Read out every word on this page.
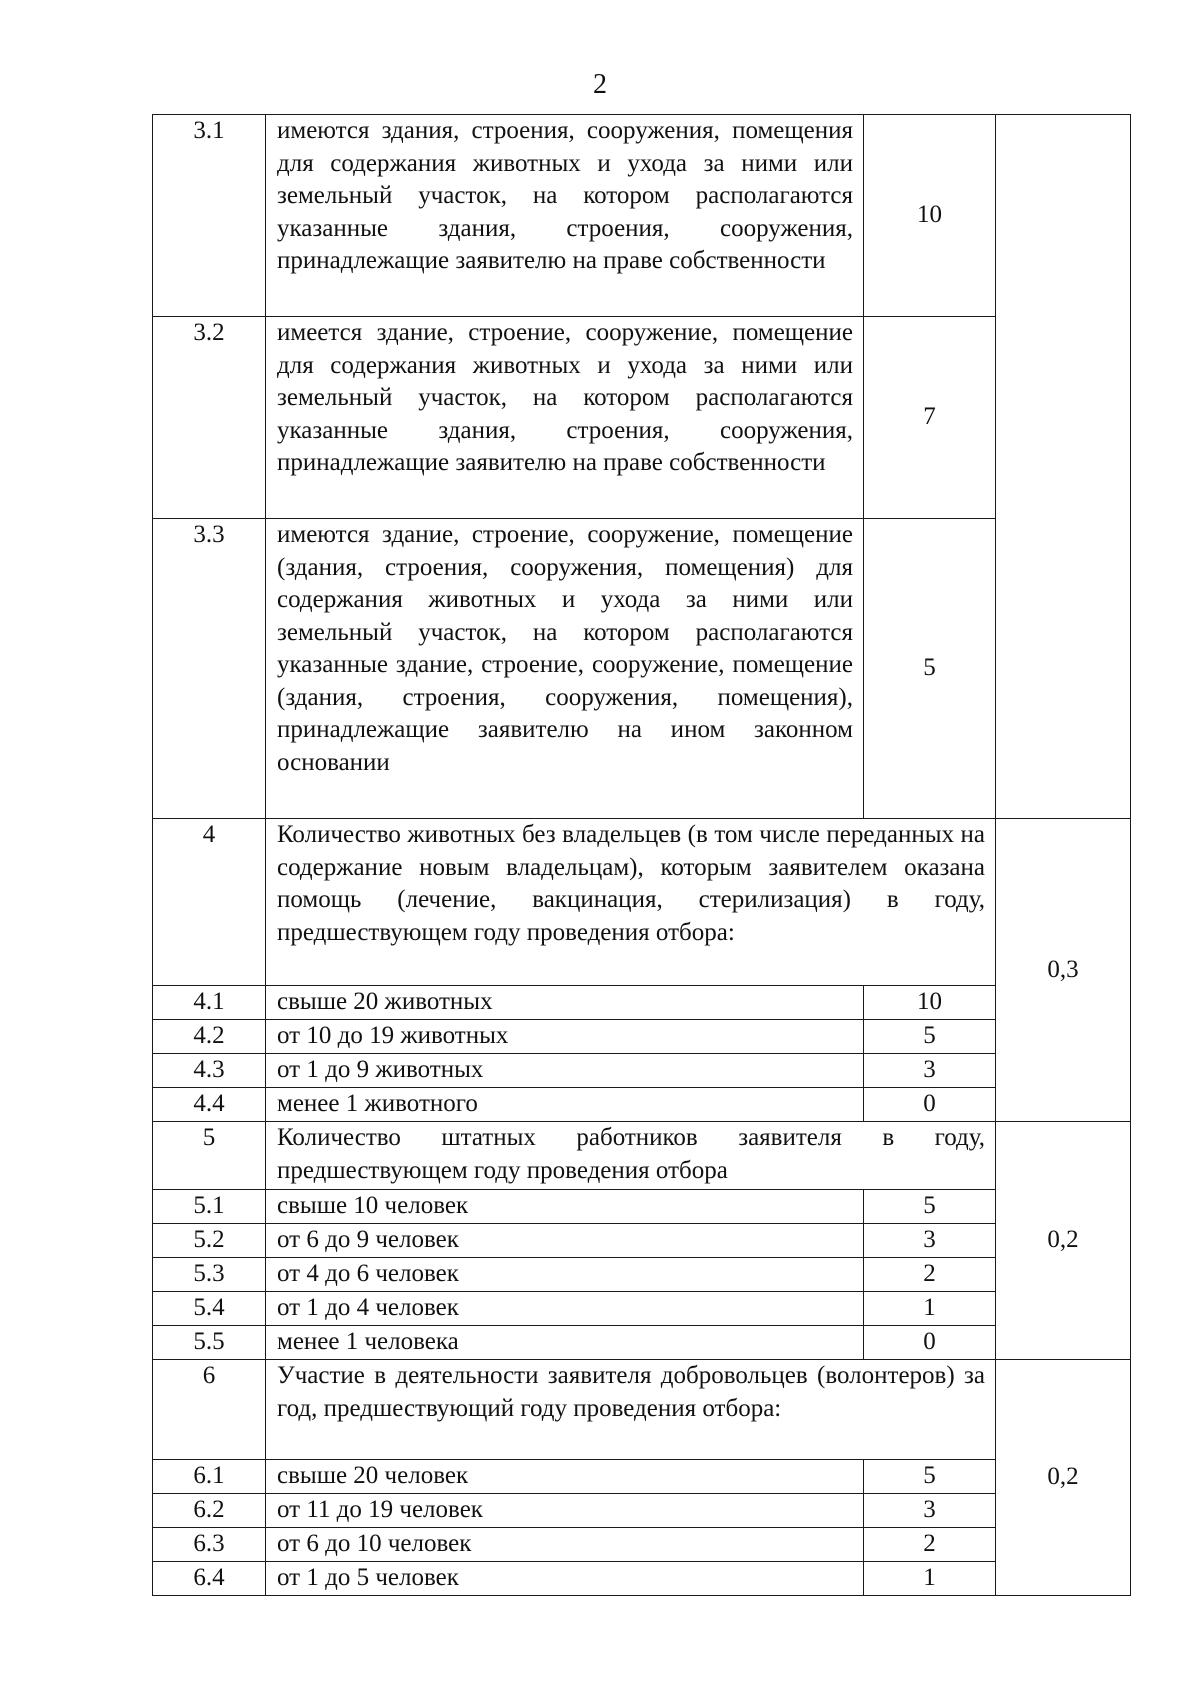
2
3.1	имеются здания, строения, сооружения, помещения для содержания животных и ухода за ними или земельный участок, на котором располагаются указанные здания, строения, сооружения, принадлежащие заявителю на праве собственности	10	
3.2	имеется здание, строение, сооружение, помещение для содержания животных и ухода за ними или земельный участок, на котором располагаются указанные здания, строения, сооружения, принадлежащие заявителю на праве собственности	7	
3.3	имеются здание, строение, сооружение, помещение (здания, строения, сооружения, помещения) для содержания животных и ухода за ними или земельный участок, на котором располагаются указанные здание, строение, сооружение, помещение (здания, строения, сооружения, помещения), принадлежащие заявителю на ином законном основании	5	
4	Количество животных без владельцев (в том числе переданных на содержание новым владельцам), которым заявителем оказана помощь (лечение, вакцинация, стерилизация) в году, предшествующем году проведения отбора:		0,3
4.1	свыше 20 животных	10	
4.2	от 10 до 19 животных	5	
4.3	от 1 до 9 животных	3	
4.4	менее 1 животного	0	
5	Количество штатных работников заявителя в году, предшествующем году проведения отбора		0,2
5.1	свыше 10 человек	5	
5.2	от 6 до 9 человек	3	
5.3	от 4 до 6 человек	2	
5.4	от 1 до 4 человек	1	
5.5	менее 1 человека	0	
6	Участие в деятельности заявителя добровольцев (волонтеров) за год, предшествующий году проведения отбора:		0,2
6.1	свыше 20 человек	5	
6.2	от 11 до 19 человек	3	
6.3	от 6 до 10 человек	2	
6.4	от 1 до 5 человек	1	
